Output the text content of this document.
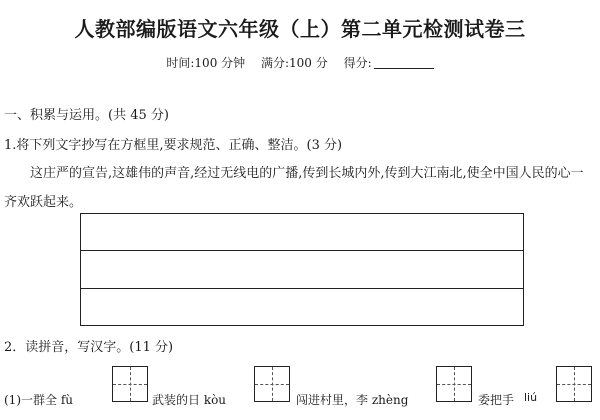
人教部编版语文六年级（上）第二单元检测试卷三
时间:100 分钟 满分:100 分 得分:
一、积累与运用。(共 45 分)
1.将下列文字抄写在方框里,要求规范、正确、整洁。(3 分)
这庄严的宣告,这雄伟的声音,经过无线电的广播,传到长城内外,传到大江南北,使全中国人民的心一齐欢跃起来。
2．读拼音，写汉字。(11 分)
(1)一群全 fù	武装的日 kòu	闯进村里，李 zhèng	委把手 liú
